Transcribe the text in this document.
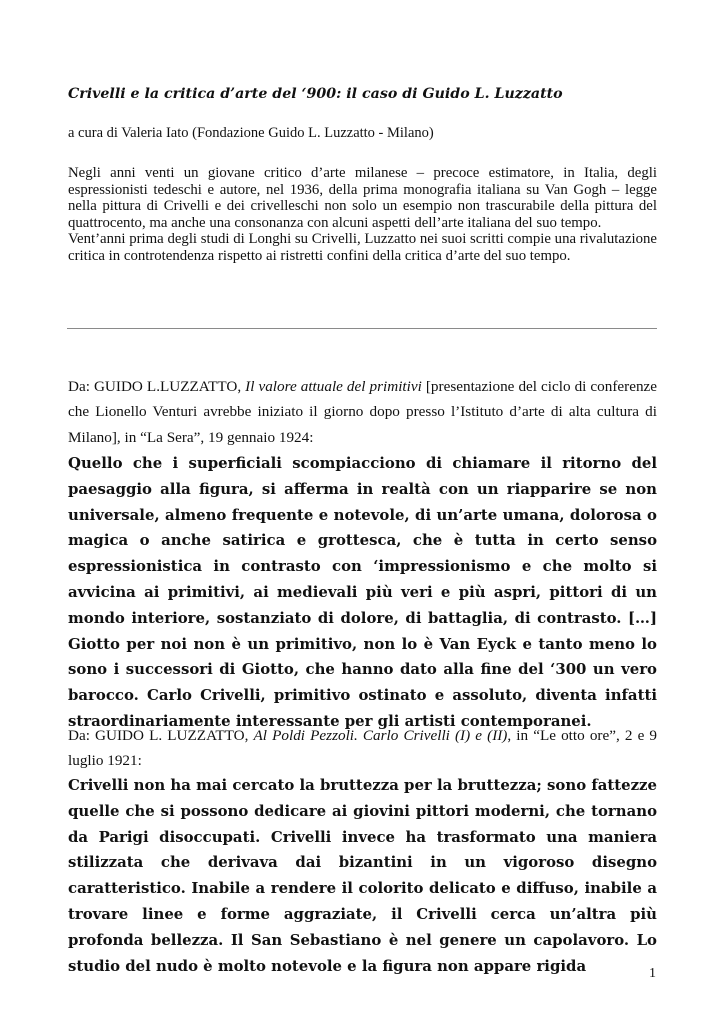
Crivelli e la critica d’arte del ‘900: il caso di Guido L. Luzzatto
a cura di Valeria Iato (Fondazione Guido L. Luzzatto - Milano)

Negli anni venti un giovane critico d’arte milanese – precoce estimatore, in Italia, degli espressionisti tedeschi e autore, nel 1936, della prima monografia italiana su Van Gogh – legge nella pittura di Crivelli e dei crivelleschi non solo un esempio non trascurabile della pittura del quattrocento, ma anche una consonanza con alcuni aspetti dell’arte italiana del suo tempo.

Vent’anni prima degli studi di Longhi su Crivelli, Luzzatto nei suoi scritti compie una rivalutazione critica in controtendenza rispetto ai ristretti confini della critica d’arte del suo tempo.

Da: GUIDO L.LUZZATTO, Il valore attuale del primitivi [presentazione del ciclo di conferenze che Lionello Venturi avrebbe iniziato il giorno dopo presso l’Istituto d’arte di alta cultura di Milano], in “La Sera”, 19 gennaio 1924:
Quello che i superficiali scompiacciono di chiamare il ritorno del paesaggio alla figura, si afferma in realtà con un riapparire se non universale, almeno frequente e notevole, di un’arte umana, dolorosa o magica o anche satirica e grottesca, che è tutta in certo senso espressionistica in contrasto con ‘impressionismo e che molto si avvicina ai primitivi, ai medievali più veri e più aspri, pittori di un mondo interiore, sostanziato di dolore, di battaglia, di contrasto. […] Giotto per noi non è un primitivo, non lo è Van Eyck e tanto meno lo sono i successori di Giotto, che hanno dato alla fine del ‘300 un vero barocco. Carlo Crivelli, primitivo ostinato e assoluto, diventa infatti straordinariamente interessante per gli artisti contemporanei.
Da: GUIDO L. LUZZATTO, Al Poldi Pezzoli. Carlo Crivelli (I) e (II), in “Le otto ore”, 2 e 9 luglio 1921:
Crivelli non ha mai cercato la bruttezza per la bruttezza; sono fattezze quelle che si possono dedicare ai giovini pittori moderni, che tornano da Parigi disoccupati. Crivelli invece ha trasformato una maniera stilizzata che derivava dai bizantini in un vigoroso disegno caratteristico. Inabile a rendere il colorito delicato e diffuso, inabile a trovare linee e forme aggraziate, il Crivelli cerca un’altra più profonda bellezza. Il San Sebastiano è nel genere un capolavoro. Lo studio del nudo è molto notevole e la figura non appare rigida	1
